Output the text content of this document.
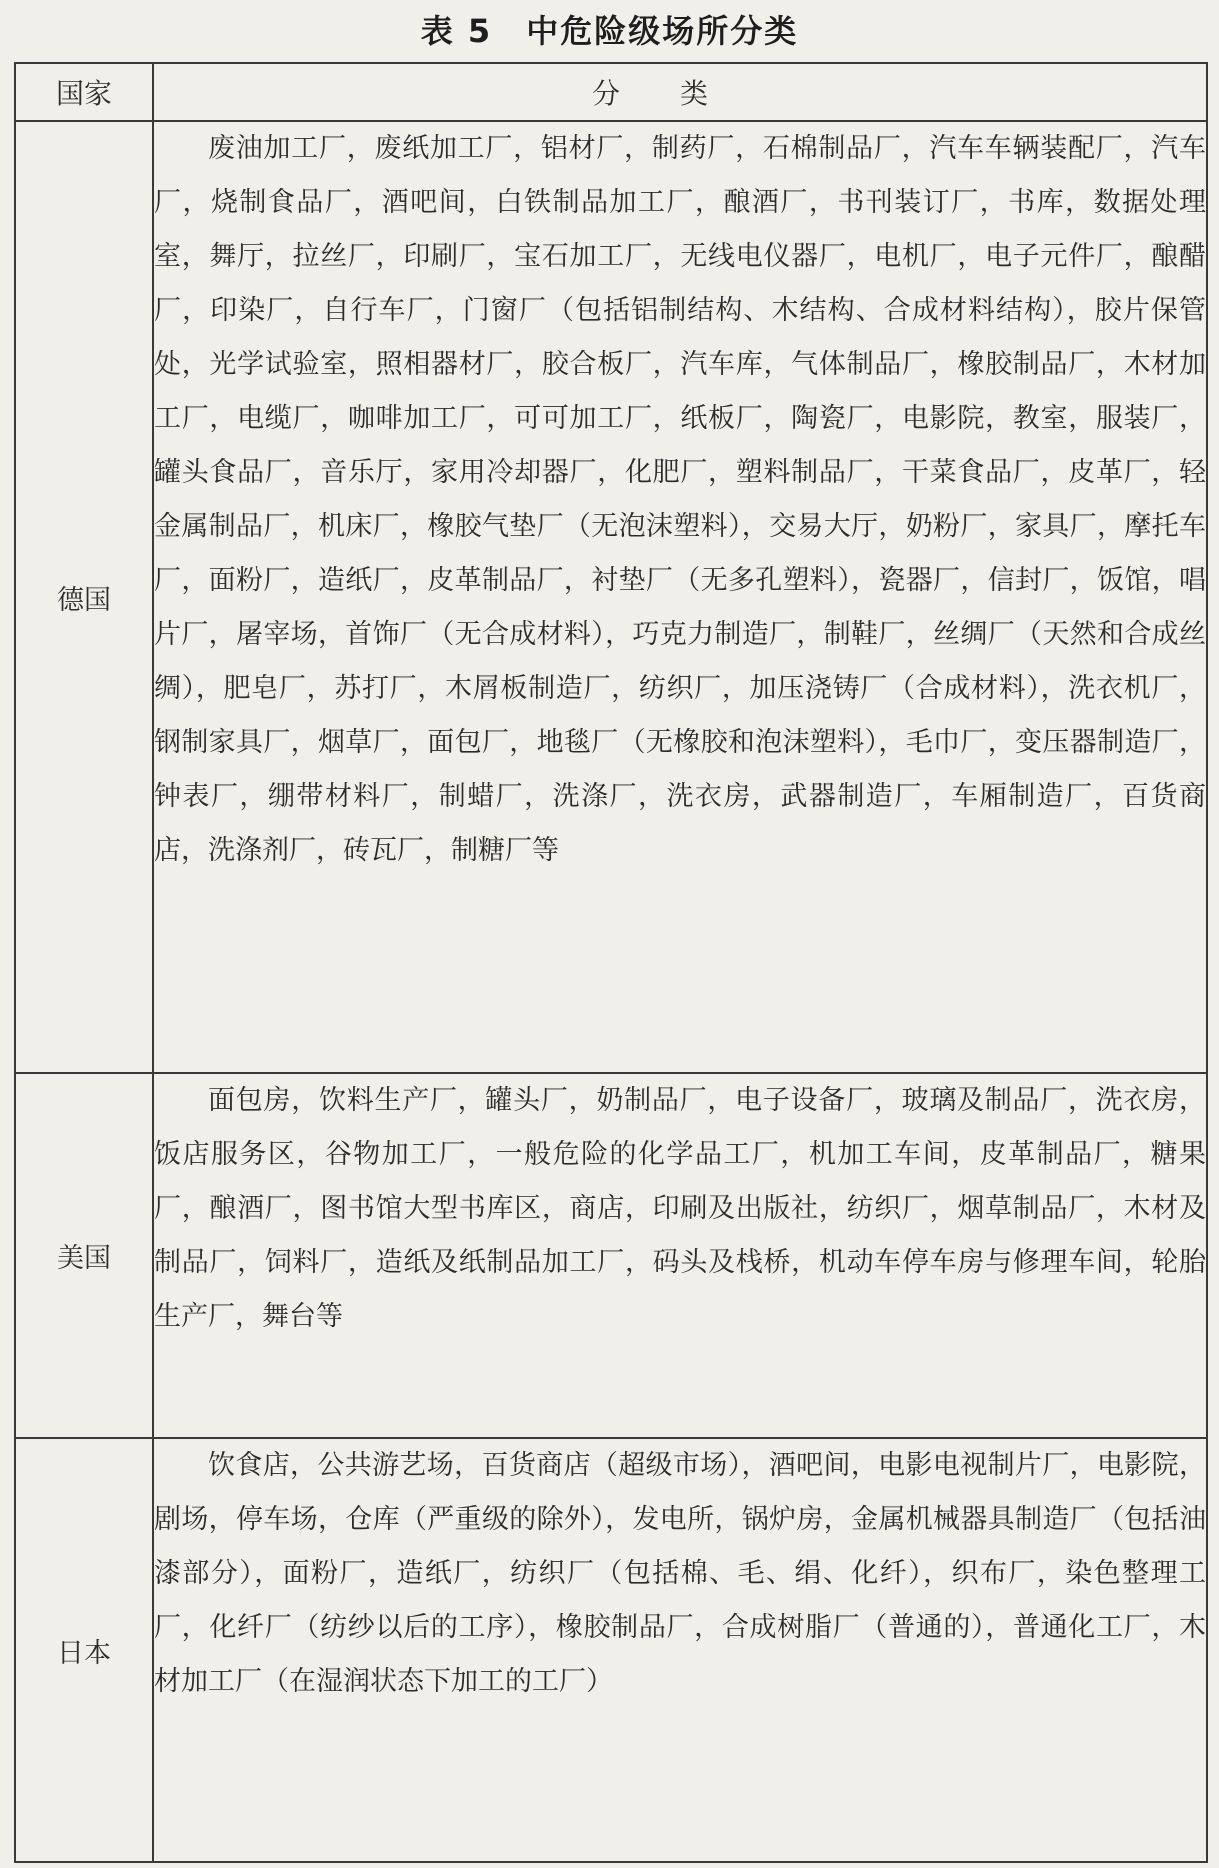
表 5　中危险级场所分类
国家	分类
德国	废油加工厂，废纸加工厂，铝材厂，制药厂，石棉制品厂，汽车车辆装配厂，汽车厂，烧制食品厂，酒吧间，白铁制品加工厂，酿酒厂，书刊装订厂，书库，数据处理室，舞厅，拉丝厂，印刷厂，宝石加工厂，无线电仪器厂，电机厂，电子元件厂，酿醋厂，印染厂，自行车厂，门窗厂（包括铝制结构、木结构、合成材料结构），胶片保管处，光学试验室，照相器材厂，胶合板厂，汽车库，气体制品厂，橡胶制品厂，木材加工厂，电缆厂，咖啡加工厂，可可加工厂，纸板厂，陶瓷厂，电影院，教室，服装厂，罐头食品厂，音乐厅，家用冷却器厂，化肥厂，塑料制品厂，干菜食品厂，皮革厂，轻金属制品厂，机床厂，橡胶气垫厂（无泡沫塑料），交易大厅，奶粉厂，家具厂，摩托车厂，面粉厂，造纸厂，皮革制品厂，衬垫厂（无多孔塑料），瓷器厂，信封厂，饭馆，唱片厂，屠宰场，首饰厂（无合成材料），巧克力制造厂，制鞋厂，丝绸厂（天然和合成丝绸），肥皂厂，苏打厂，木屑板制造厂，纺织厂，加压浇铸厂（合成材料），洗衣机厂，钢制家具厂，烟草厂，面包厂，地毯厂（无橡胶和泡沫塑料），毛巾厂，变压器制造厂，钟表厂，绷带材料厂，制蜡厂，洗涤厂，洗衣房，武器制造厂，车厢制造厂，百货商店，洗涤剂厂，砖瓦厂，制糖厂等

美国	面包房，饮料生产厂，罐头厂，奶制品厂，电子设备厂，玻璃及制品厂，洗衣房，饭店服务区，谷物加工厂，一般危险的化学品工厂，机加工车间，皮革制品厂，糖果厂，酿酒厂，图书馆大型书库区，商店，印刷及出版社，纺织厂，烟草制品厂，木材及制品厂，饲料厂，造纸及纸制品加工厂，码头及栈桥，机动车停车房与修理车间，轮胎生产厂，舞台等

日本	饮食店，公共游艺场，百货商店（超级市场），酒吧间，电影电视制片厂，电影院，剧场，停车场，仓库（严重级的除外），发电所，锅炉房，金属机械器具制造厂（包括油漆部分），面粉厂，造纸厂，纺织厂（包括棉、毛、绢、化纤），织布厂，染色整理工厂，化纤厂（纺纱以后的工序），橡胶制品厂，合成树脂厂（普通的），普通化工厂，木材加工厂（在湿润状态下加工的工厂）
